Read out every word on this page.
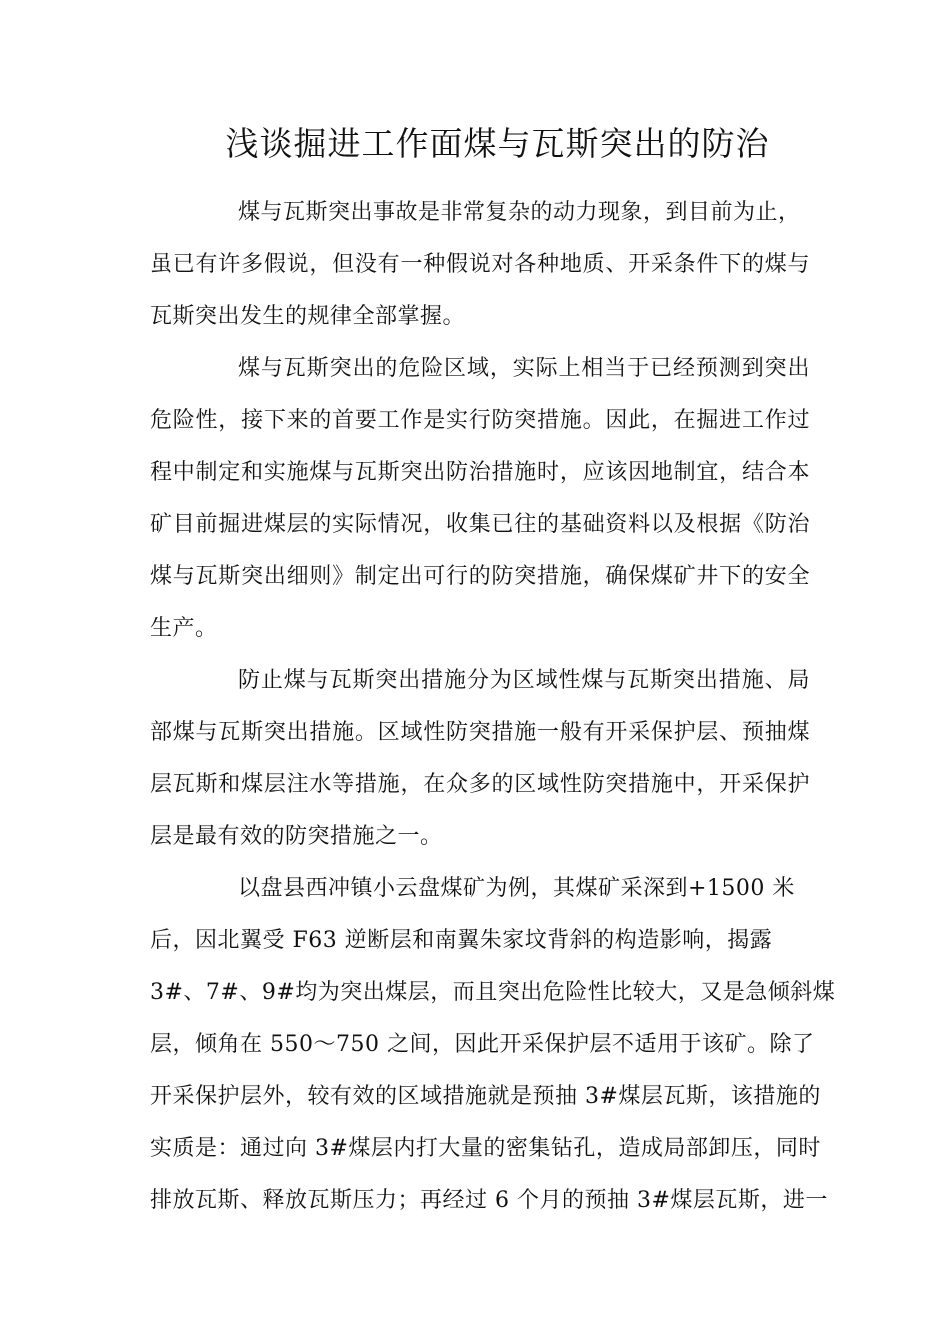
浅谈掘进工作面煤与瓦斯突出的防治
煤与瓦斯突出事故是非常复杂的动力现象，到目前为止，
虽已有许多假说，但没有一种假说对各种地质、开采条件下的煤与
瓦斯突出发生的规律全部掌握。
煤与瓦斯突出的危险区域，实际上相当于已经预测到突出
危险性，接下来的首要工作是实行防突措施。因此，在掘进工作过
程中制定和实施煤与瓦斯突出防治措施时，应该因地制宜，结合本
矿目前掘进煤层的实际情况，收集已往的基础资料以及根据《防治
煤与瓦斯突出细则》制定出可行的防突措施，确保煤矿井下的安全
生产。
防止煤与瓦斯突出措施分为区域性煤与瓦斯突出措施、局
部煤与瓦斯突出措施。区域性防突措施一般有开采保护层、预抽煤
层瓦斯和煤层注水等措施，在众多的区域性防突措施中，开采保护
层是最有效的防突措施之一。
以盘县西冲镇小云盘煤矿为例，其煤矿采深到+1500 米
后，因北翼受 F63 逆断层和南翼朱家坟背斜的构造影响，揭露
3#、7#、9#均为突出煤层，而且突出危险性比较大，又是急倾斜煤
层，倾角在 550～750 之间，因此开采保护层不适用于该矿。除了
开采保护层外，较有效的区域措施就是预抽 3#煤层瓦斯，该措施的
实质是：通过向 3#煤层内打大量的密集钻孔，造成局部卸压，同时
排放瓦斯、释放瓦斯压力；再经过 6 个月的预抽 3#煤层瓦斯，进一
